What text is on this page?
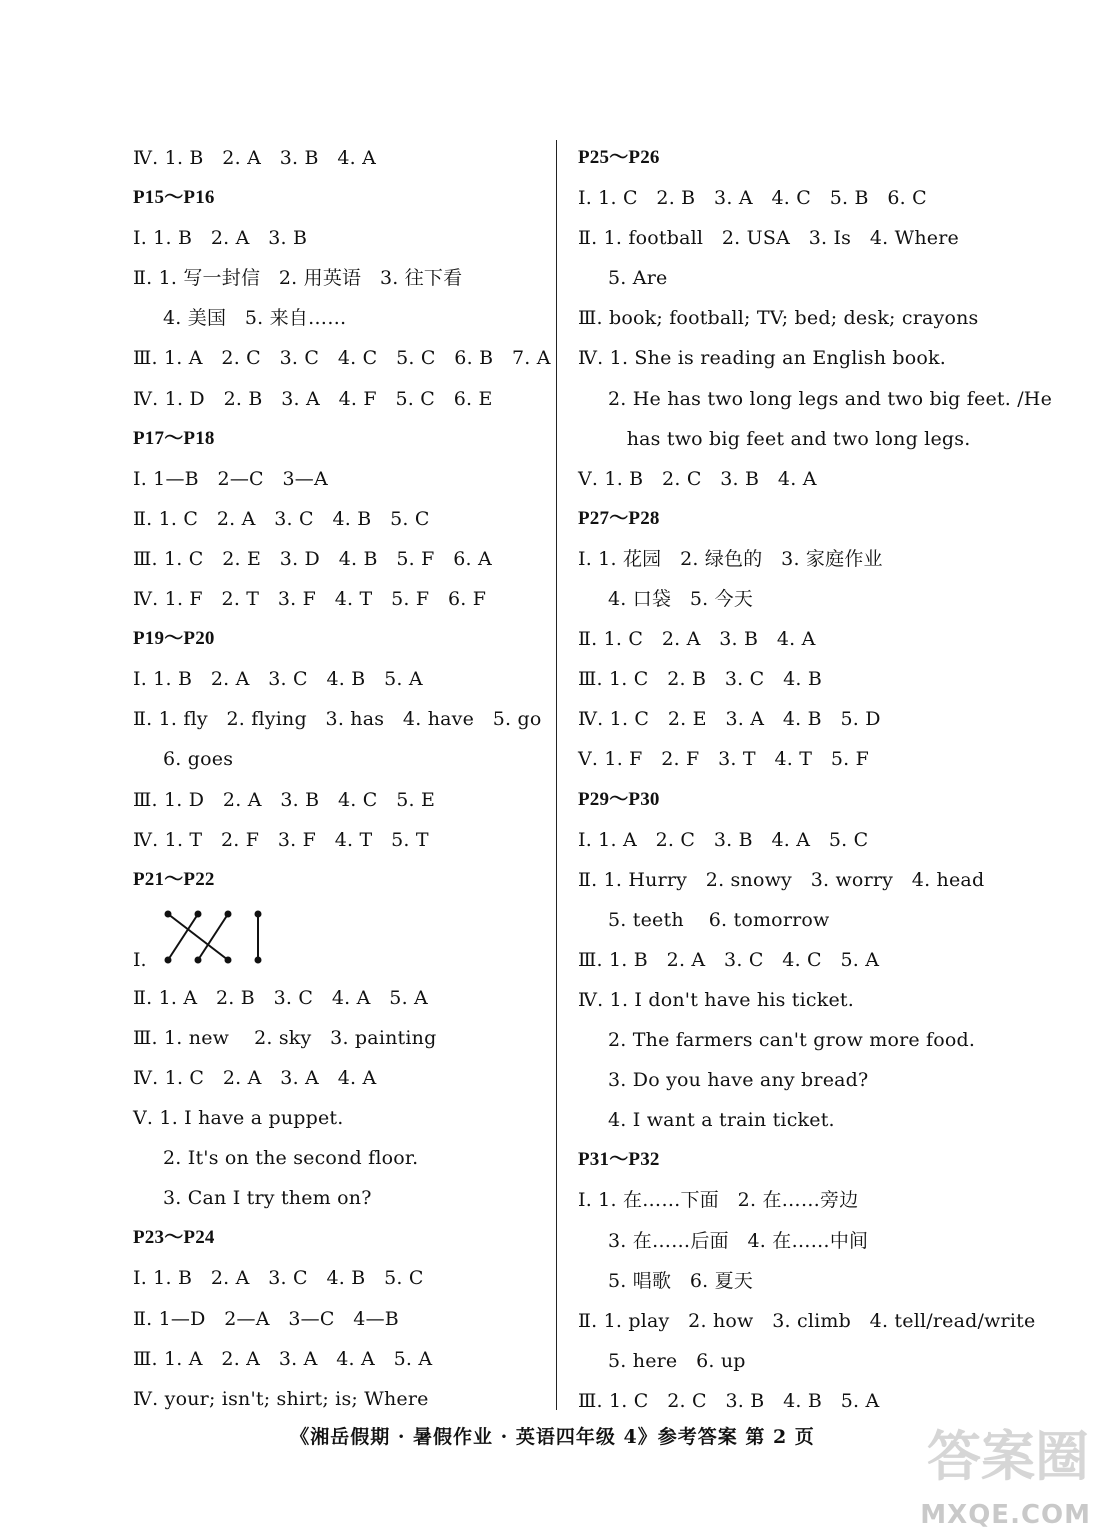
Ⅳ. 1. B   2. A   3. B   4. A
P15～P16
Ⅰ. 1. B   2. A   3. B
Ⅱ. 1. 写一封信   2. 用英语   3. 往下看
4. 美国   5. 来自……
Ⅲ. 1. A   2. C   3. C   4. C   5. C   6. B   7. A
Ⅳ. 1. D   2. B   3. A   4. F   5. C   6. E
P17～P18
Ⅰ. 1—B   2—C   3—A
Ⅱ. 1. C   2. A   3. C   4. B   5. C
Ⅲ. 1. C   2. E   3. D   4. B   5. F   6. A
Ⅳ. 1. F   2. T   3. F   4. T   5. F   6. F
P19～P20
Ⅰ. 1. B   2. A   3. C   4. B   5. A
Ⅱ. 1. fly   2. flying   3. has   4. have   5. go
6. goes
Ⅲ. 1. D   2. A   3. B   4. C   5. E
Ⅳ. 1. T   2. F   3. F   4. T   5. T
P21～P22
Ⅰ.
Ⅱ. 1. A   2. B   3. C   4. A   5. A
Ⅲ. 1. new    2. sky   3. painting
Ⅳ. 1. C   2. A   3. A   4. A
Ⅴ. 1. I have a puppet.
2. It's on the second floor.
3. Can I try them on?
P23～P24
Ⅰ. 1. B   2. A   3. C   4. B   5. C
Ⅱ. 1—D   2—A   3—C   4—B
Ⅲ. 1. A   2. A   3. A   4. A   5. A
Ⅳ. your; isn't; shirt; is; Where
P25～P26
Ⅰ. 1. C   2. B   3. A   4. C   5. B   6. C
Ⅱ. 1. football   2. USA   3. Is   4. Where
5. Are
Ⅲ. book; football; TV; bed; desk; crayons
Ⅳ. 1. She is reading an English book.
2. He has two long legs and two big feet. /He
has two big feet and two long legs.
Ⅴ. 1. B   2. C   3. B   4. A
P27～P28
Ⅰ. 1. 花园   2. 绿色的   3. 家庭作业
4. 口袋   5. 今天
Ⅱ. 1. C   2. A   3. B   4. A
Ⅲ. 1. C   2. B   3. C   4. B
Ⅳ. 1. C   2. E   3. A   4. B   5. D
Ⅴ. 1. F   2. F   3. T   4. T   5. F
P29～P30
Ⅰ. 1. A   2. C   3. B   4. A   5. C
Ⅱ. 1. Hurry   2. snowy   3. worry   4. head
5. teeth    6. tomorrow
Ⅲ. 1. B   2. A   3. C   4. C   5. A
Ⅳ. 1. I don't have his ticket.
2. The farmers can't grow more food.
3. Do you have any bread?
4. I want a train ticket.
P31～P32
Ⅰ. 1. 在……下面   2. 在……旁边
3. 在……后面   4. 在……中间
5. 唱歌   6. 夏天
Ⅱ. 1. play   2. how   3. climb   4. tell/read/write
5. here   6. up
Ⅲ. 1. C   2. C   3. B   4. B   5. A
《湘岳假期 · 暑假作业 · 英语四年级 4》参考答案 第 2 页	答案圈
MXQE.COM
